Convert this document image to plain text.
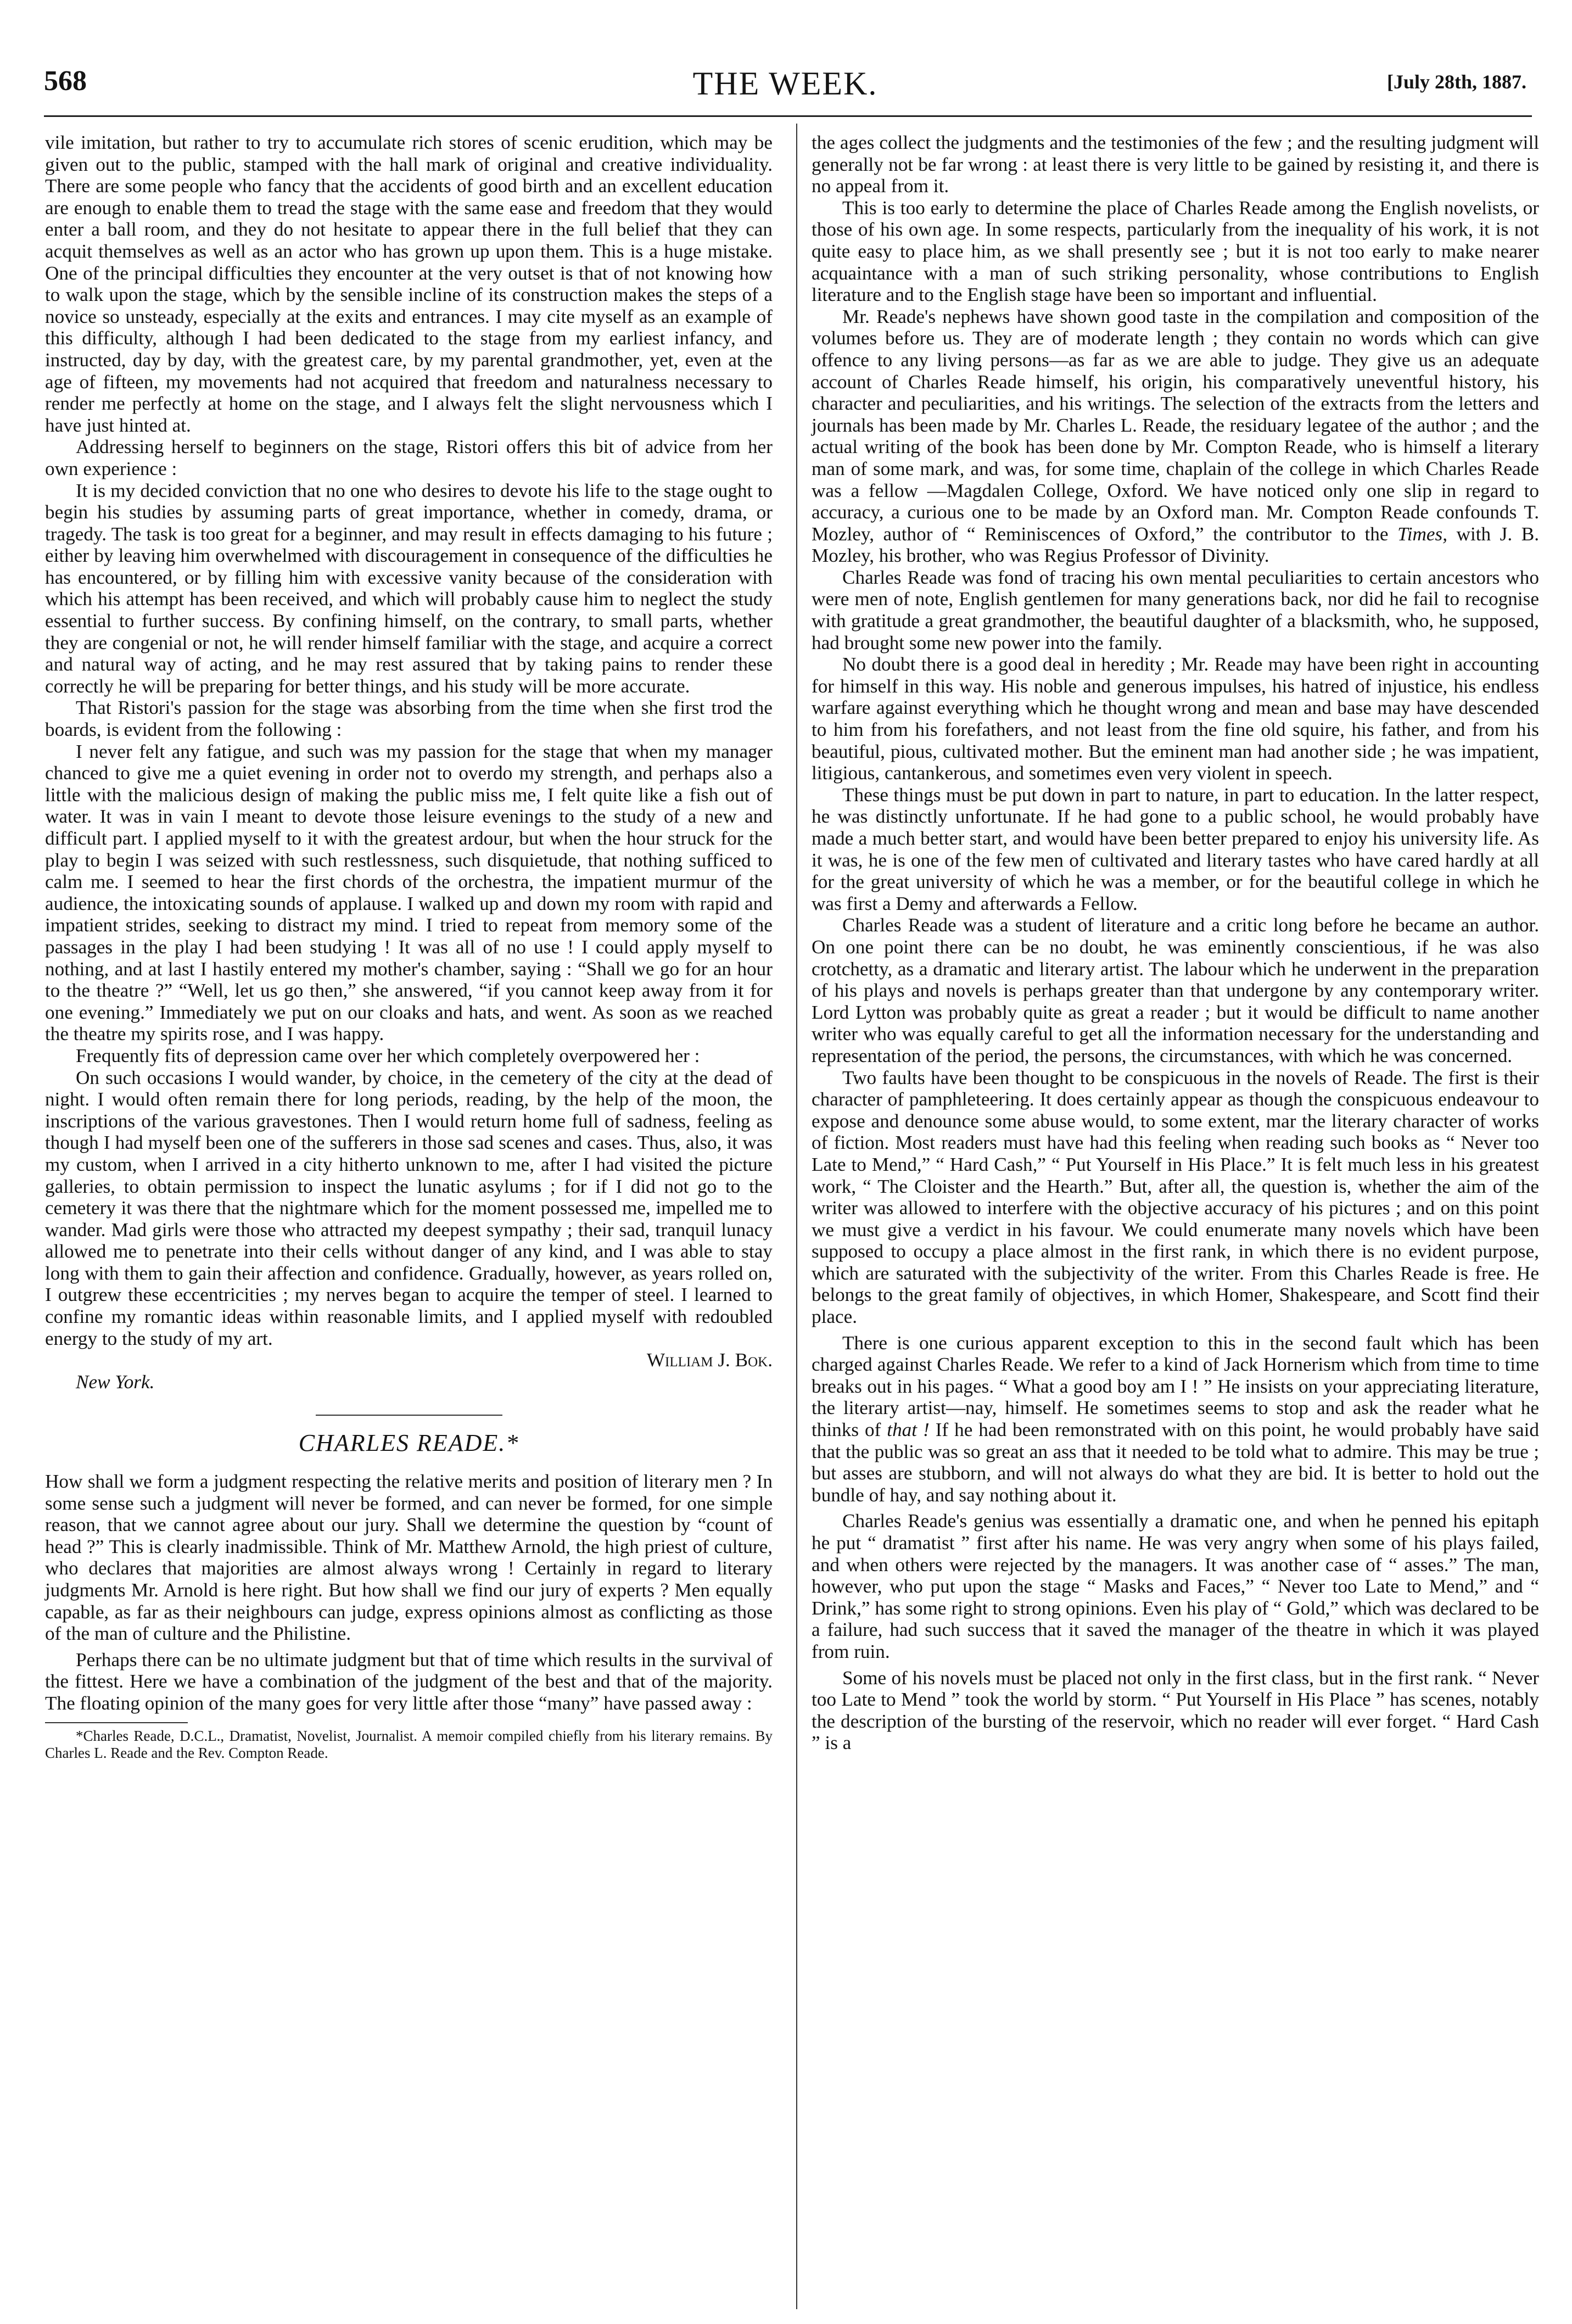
568	THE WEEK.	[July 28th, 1887.

vile imitation, but rather to try to accumulate rich stores of scenic erudition, which may be given out to the public, stamped with the hall mark of original and creative individuality. There are some people who fancy that the accidents of good birth and an excellent education are enough to enable them to tread the stage with the same ease and freedom that they would enter a ball room, and they do not hesitate to appear there in the full belief that they can acquit themselves as well as an actor who has grown up upon them. This is a huge mistake. One of the principal difficulties they encounter at the very outset is that of not knowing how to walk upon the stage, which by the sensible incline of its construction makes the steps of a novice so unsteady, especially at the exits and entrances. I may cite myself as an example of this difficulty, although I had been dedicated to the stage from my earliest infancy, and instructed, day by day, with the greatest care, by my parental grandmother, yet, even at the age of fifteen, my movements had not acquired that freedom and naturalness necessary to render me perfectly at home on the stage, and I always felt the slight nervousness which I have just hinted at.

Addressing herself to beginners on the stage, Ristori offers this bit of advice from her own experience :

It is my decided conviction that no one who desires to devote his life to the stage ought to begin his studies by assuming parts of great importance, whether in comedy, drama, or tragedy. The task is too great for a beginner, and may result in effects damaging to his future ; either by leaving him overwhelmed with discouragement in consequence of the difficulties he has encountered, or by filling him with excessive vanity because of the consideration with which his attempt has been received, and which will probably cause him to neglect the study essential to further success. By confining himself, on the contrary, to small parts, whether they are congenial or not, he will render himself familiar with the stage, and acquire a correct and natural way of acting, and he may rest assured that by taking pains to render these correctly he will be preparing for better things, and his study will be more accurate.

That Ristori's passion for the stage was absorbing from the time when she first trod the boards, is evident from the following :

I never felt any fatigue, and such was my passion for the stage that when my manager chanced to give me a quiet evening in order not to overdo my strength, and perhaps also a little with the malicious design of making the public miss me, I felt quite like a fish out of water. It was in vain I meant to devote those leisure evenings to the study of a new and difficult part. I applied myself to it with the greatest ardour, but when the hour struck for the play to begin I was seized with such restlessness, such disquietude, that nothing sufficed to calm me. I seemed to hear the first chords of the orchestra, the impatient murmur of the audience, the intoxicating sounds of applause. I walked up and down my room with rapid and impatient strides, seeking to distract my mind. I tried to repeat from memory some of the passages in the play I had been studying ! It was all of no use ! I could apply myself to nothing, and at last I hastily entered my mother's chamber, saying : “Shall we go for an hour to the theatre ?” “Well, let us go then,” she answered, “if you cannot keep away from it for one evening.” Immediately we put on our cloaks and hats, and went. As soon as we reached the theatre my spirits rose, and I was happy.

Frequently fits of depression came over her which completely overpowered her :

On such occasions I would wander, by choice, in the cemetery of the city at the dead of night. I would often remain there for long periods, reading, by the help of the moon, the inscriptions of the various gravestones. Then I would return home full of sadness, feeling as though I had myself been one of the sufferers in those sad scenes and cases. Thus, also, it was my custom, when I arrived in a city hitherto unknown to me, after I had visited the picture galleries, to obtain permission to inspect the lunatic asylums ; for if I did not go to the cemetery it was there that the nightmare which for the moment possessed me, impelled me to wander. Mad girls were those who attracted my deepest sympathy ; their sad, tranquil lunacy allowed me to penetrate into their cells without danger of any kind, and I was able to stay long with them to gain their affection and confidence. Gradually, however, as years rolled on, I outgrew these eccentricities ; my nerves began to acquire the temper of steel. I learned to confine my romantic ideas within reasonable limits, and I applied myself with redoubled energy to the study of my art.

William J. Bok.

New York.

CHARLES READE.*

How shall we form a judgment respecting the relative merits and position of literary men ? In some sense such a judgment will never be formed, and can never be formed, for one simple reason, that we cannot agree about our jury. Shall we determine the question by “count of head ?” This is clearly inadmissible. Think of Mr. Matthew Arnold, the high priest of culture, who declares that majorities are almost always wrong ! Certainly in regard to literary judgments Mr. Arnold is here right. But how shall we find our jury of experts ? Men equally capable, as far as their neighbours can judge, express opinions almost as conflicting as those of the man of culture and the Philistine.

Perhaps there can be no ultimate judgment but that of time which results in the survival of the fittest. Here we have a combination of the judgment of the best and that of the majority. The floating opinion of the many goes for very little after those “many” have passed away :

*Charles Reade, D.C.L., Dramatist, Novelist, Journalist. A memoir compiled chiefly from his literary remains. By Charles L. Reade and the Rev. Compton Reade.

the ages collect the judgments and the testimonies of the few ; and the resulting judgment will generally not be far wrong : at least there is very little to be gained by resisting it, and there is no appeal from it.

This is too early to determine the place of Charles Reade among the English novelists, or those of his own age. In some respects, particularly from the inequality of his work, it is not quite easy to place him, as we shall presently see ; but it is not too early to make nearer acquaintance with a man of such striking personality, whose contributions to English literature and to the English stage have been so important and influential.

Mr. Reade's nephews have shown good taste in the compilation and composition of the volumes before us. They are of moderate length ; they contain no words which can give offence to any living persons—as far as we are able to judge. They give us an adequate account of Charles Reade himself, his origin, his comparatively uneventful history, his character and peculiarities, and his writings. The selection of the extracts from the letters and journals has been made by Mr. Charles L. Reade, the residuary legatee of the author ; and the actual writing of the book has been done by Mr. Compton Reade, who is himself a literary man of some mark, and was, for some time, chaplain of the college in which Charles Reade was a fellow —Magdalen College, Oxford. We have noticed only one slip in regard to accuracy, a curious one to be made by an Oxford man. Mr. Compton Reade confounds T. Mozley, author of “ Reminiscences of Oxford,” the contributor to the Times, with J. B. Mozley, his brother, who was Regius Professor of Divinity.

Charles Reade was fond of tracing his own mental peculiarities to certain ancestors who were men of note, English gentlemen for many generations back, nor did he fail to recognise with gratitude a great grandmother, the beautiful daughter of a blacksmith, who, he supposed, had brought some new power into the family.

No doubt there is a good deal in heredity ; Mr. Reade may have been right in accounting for himself in this way. His noble and generous impulses, his hatred of injustice, his endless warfare against everything which he thought wrong and mean and base may have descended to him from his forefathers, and not least from the fine old squire, his father, and from his beautiful, pious, cultivated mother. But the eminent man had another side ; he was impatient, litigious, cantankerous, and sometimes even very violent in speech.

These things must be put down in part to nature, in part to education. In the latter respect, he was distinctly unfortunate. If he had gone to a public school, he would probably have made a much better start, and would have been better prepared to enjoy his university life. As it was, he is one of the few men of cultivated and literary tastes who have cared hardly at all for the great university of which he was a member, or for the beautiful college in which he was first a Demy and afterwards a Fellow.

Charles Reade was a student of literature and a critic long before he became an author. On one point there can be no doubt, he was eminently conscientious, if he was also crotchetty, as a dramatic and literary artist. The labour which he underwent in the preparation of his plays and novels is perhaps greater than that undergone by any contemporary writer. Lord Lytton was probably quite as great a reader ; but it would be difficult to name another writer who was equally careful to get all the information necessary for the understanding and representation of the period, the persons, the circumstances, with which he was concerned.

Two faults have been thought to be conspicuous in the novels of Reade. The first is their character of pamphleteering. It does certainly appear as though the conspicuous endeavour to expose and denounce some abuse would, to some extent, mar the literary character of works of fiction. Most readers must have had this feeling when reading such books as “ Never too Late to Mend,” “ Hard Cash,” “ Put Yourself in His Place.” It is felt much less in his greatest work, “ The Cloister and the Hearth.” But, after all, the question is, whether the aim of the writer was allowed to interfere with the objective accuracy of his pictures ; and on this point we must give a verdict in his favour. We could enumerate many novels which have been supposed to occupy a place almost in the first rank, in which there is no evident purpose, which are saturated with the subjectivity of the writer. From this Charles Reade is free. He belongs to the great family of objectives, in which Homer, Shakespeare, and Scott find their place.

There is one curious apparent exception to this in the second fault which has been charged against Charles Reade. We refer to a kind of Jack Hornerism which from time to time breaks out in his pages. “ What a good boy am I ! ” He insists on your appreciating literature, the literary artist—nay, himself. He sometimes seems to stop and ask the reader what he thinks of that ! If he had been remonstrated with on this point, he would probably have said that the public was so great an ass that it needed to be told what to admire. This may be true ; but asses are stubborn, and will not always do what they are bid. It is better to hold out the bundle of hay, and say nothing about it.

Charles Reade's genius was essentially a dramatic one, and when he penned his epitaph he put “ dramatist ” first after his name. He was very angry when some of his plays failed, and when others were rejected by the managers. It was another case of “ asses.” The man, however, who put upon the stage “ Masks and Faces,” “ Never too Late to Mend,” and “ Drink,” has some right to strong opinions. Even his play of “ Gold,” which was declared to be a failure, had such success that it saved the manager of the theatre in which it was played from ruin.

Some of his novels must be placed not only in the first class, but in the first rank. “ Never too Late to Mend ” took the world by storm. “ Put Yourself in His Place ” has scenes, notably the description of the bursting of the reservoir, which no reader will ever forget. “ Hard Cash ” is a
